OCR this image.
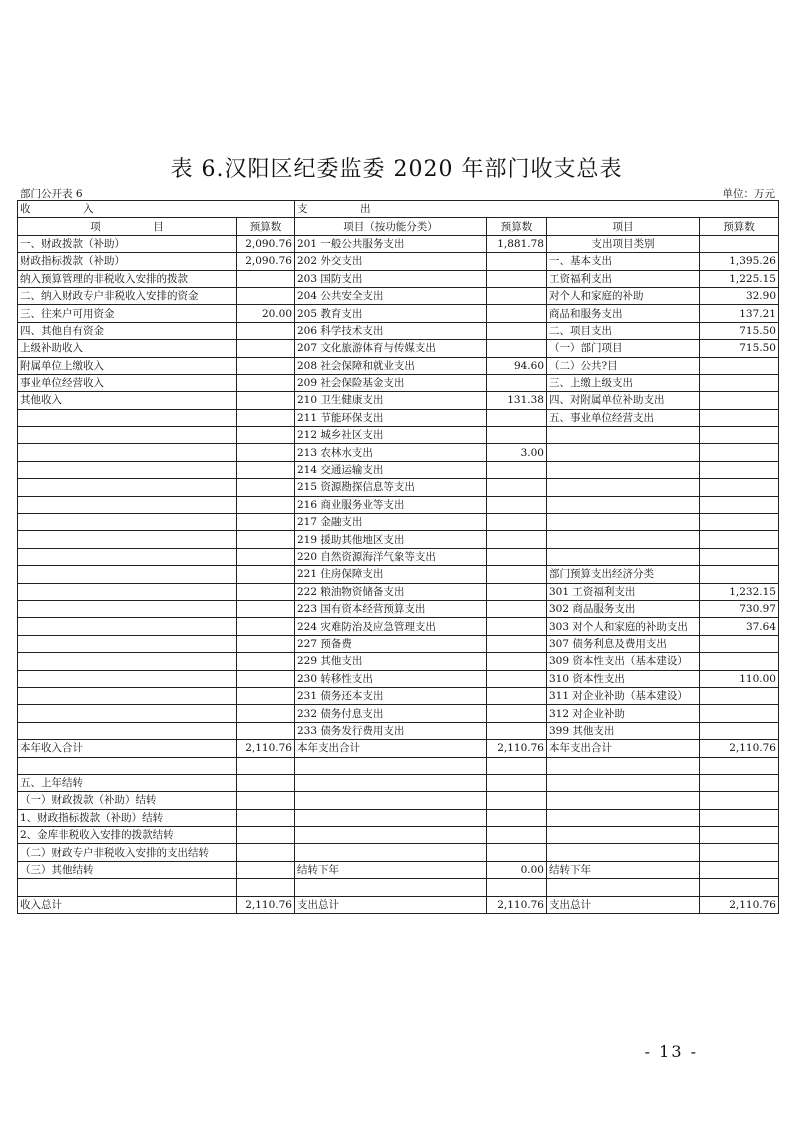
表 6.汉阳区纪委监委 2020 年部门收支总表
部门公开表 6	单位：万元
收　　　　　入		支　　　　　出			
项　　　　　目	预算数	项目（按功能分类）	预算数	项目	预算数
一、财政拨款（补助）	2,090.76	201 一般公共服务支出	1,881.78	支出项目类别	
财政指标拨款（补助）	2,090.76	202 外交支出		一、基本支出	1,395.26
纳入预算管理的非税收入安排的拨款		203 国防支出		工资福利支出	1,225.15
二、纳入财政专户非税收入安排的资金		204 公共安全支出		对个人和家庭的补助	32.90
三、往来户可用资金	20.00	205 教育支出		商品和服务支出	137.21
四、其他自有资金		206 科学技术支出		二、项目支出	715.50
上级补助收入		207 文化旅游体育与传媒支出		（一）部门项目	715.50
附属单位上缴收入		208 社会保障和就业支出	94.60	（二）公共?目	
事业单位经营收入		209 社会保险基金支出		三、上缴上级支出	
其他收入		210 卫生健康支出	131.38	四、对附属单位补助支出	
		211 节能环保支出		五、事业单位经营支出	
		212 城乡社区支出			
		213 农林水支出	3.00		
		214 交通运输支出			
		215 资源勘探信息等支出			
		216 商业服务业等支出			
		217 金融支出			
		219 援助其他地区支出			
		220 自然资源海洋气象等支出			
		221 住房保障支出		部门预算支出经济分类	
		222 粮油物资储备支出		301 工资福利支出	1,232.15
		223 国有资本经营预算支出		302 商品服务支出	730.97
		224 灾难防治及应急管理支出		303 对个人和家庭的补助支出	37.64
		227 预备费		307 债务利息及费用支出	
		229 其他支出		309 资本性支出（基本建设）	
		230 转移性支出		310 资本性支出	110.00
		231 债务还本支出		311 对企业补助（基本建设）	
		232 债务付息支出		312 对企业补助	
		233 债务发行费用支出		399 其他支出	
本年收入合计	2,110.76	本年支出合计	2,110.76	本年支出合计	2,110.76

五、上年结转					
（一）财政拨款（补助）结转					
1、财政指标拨款（补助）结转					
2、金库非税收入安排的拨款结转					
（二）财政专户非税收入安排的支出结转					
（三）其他结转		结转下年	0.00	结转下年	

收入总计	2,110.76	支出总计	2,110.76	支出总计	2,110.76
- 13 -
